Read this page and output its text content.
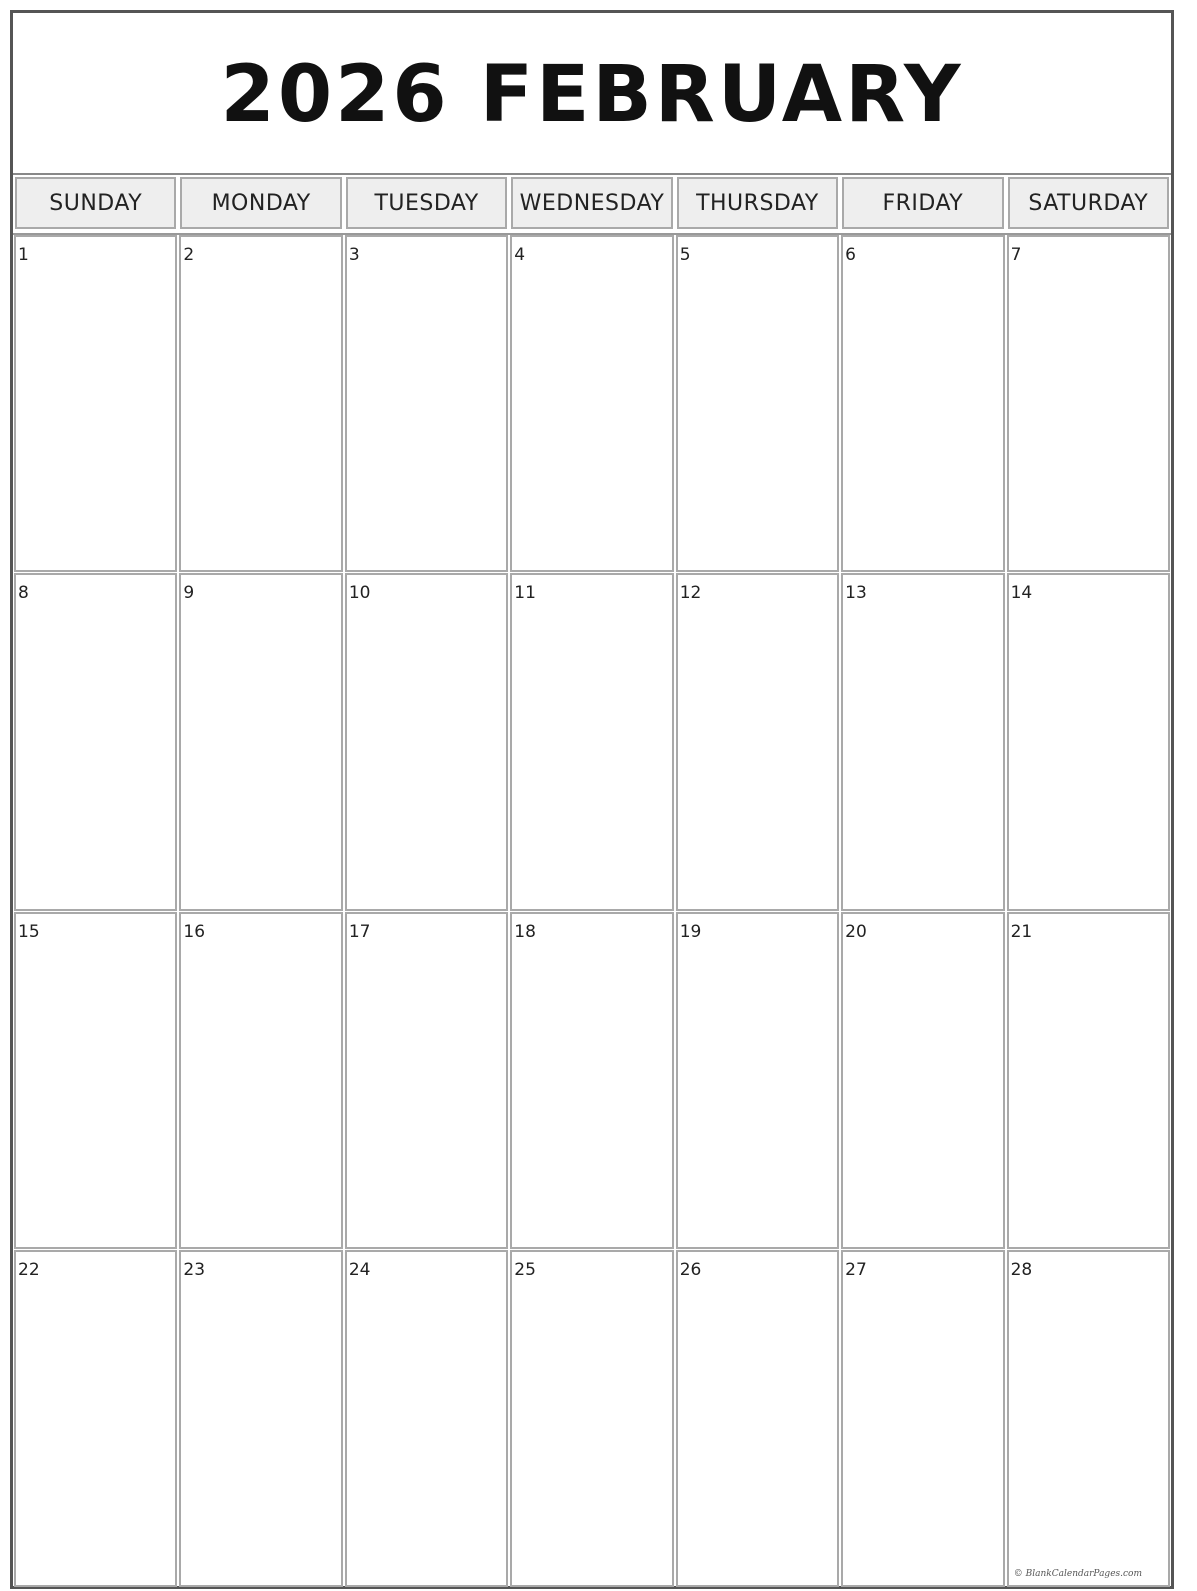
2026 FEBRUARY
SUNDAY	MONDAY	TUESDAY	WEDNESDAY	THURSDAY	FRIDAY	SATURDAY
1	2	3	4	5	6	7
8	9	10	11	12	13	14
15	16	17	18	19	20	21
22	23	24	25	26	27	28
© BlankCalendarPages.com
